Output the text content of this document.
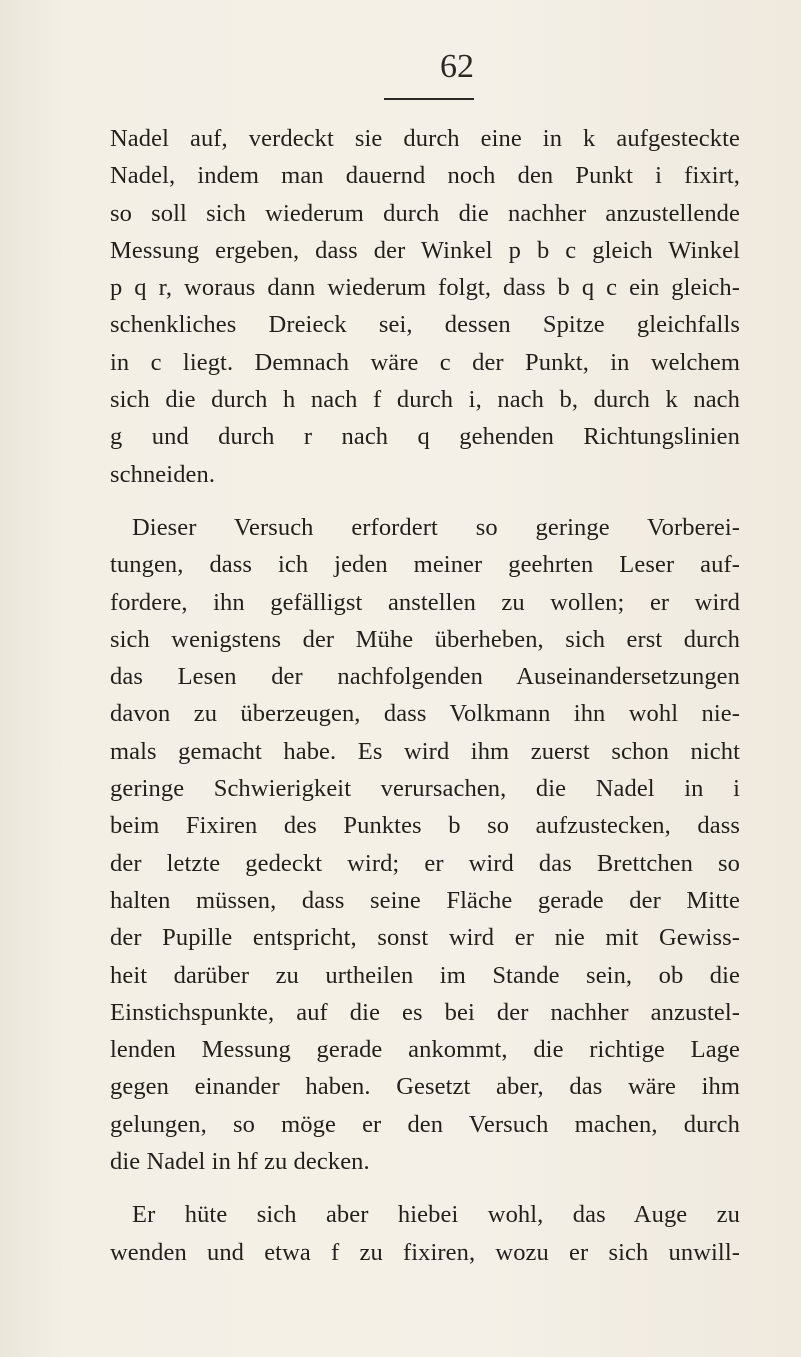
62
Nadel auf, verdeckt sie durch eine in k aufgesteckte
Nadel, indem man dauernd noch den Punkt i fixirt,
so soll sich wiederum durch die nachher anzustellende
Messung ergeben, dass der Winkel p b c gleich Winkel
p q r, woraus dann wiederum folgt, dass b q c ein gleich-
schenkliches Dreieck sei, dessen Spitze gleichfalls
in c liegt. Demnach wäre c der Punkt, in welchem
sich die durch h nach f durch i, nach b, durch k nach
g und durch r nach q gehenden Richtungslinien
schneiden.
Dieser Versuch erfordert so geringe Vorberei-
tungen, dass ich jeden meiner geehrten Leser auf-
fordere, ihn gefälligst anstellen zu wollen; er wird
sich wenigstens der Mühe überheben, sich erst durch
das Lesen der nachfolgenden Auseinandersetzungen
davon zu überzeugen, dass Volkmann ihn wohl nie-
mals gemacht habe. Es wird ihm zuerst schon nicht
geringe Schwierigkeit verursachen, die Nadel in i
beim Fixiren des Punktes b so aufzustecken, dass
der letzte gedeckt wird; er wird das Brettchen so
halten müssen, dass seine Fläche gerade der Mitte
der Pupille entspricht, sonst wird er nie mit Gewiss-
heit darüber zu urtheilen im Stande sein, ob die
Einstichspunkte, auf die es bei der nachher anzustel-
lenden Messung gerade ankommt, die richtige Lage
gegen einander haben. Gesetzt aber, das wäre ihm
gelungen, so möge er den Versuch machen, durch
die Nadel in hf zu decken.
Er hüte sich aber hiebei wohl, das Auge zu
wenden und etwa f zu fixiren, wozu er sich unwill-
